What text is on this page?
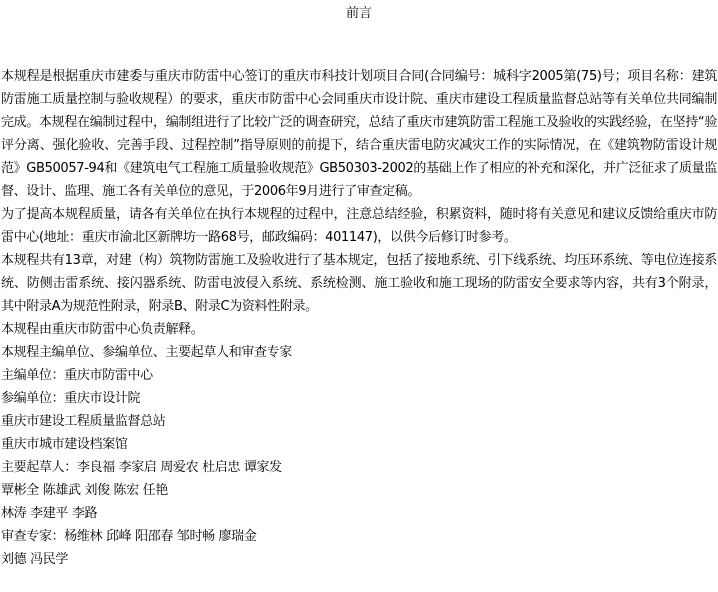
前言

本规程是根据重庆市建委与重庆市防雷中心签订的重庆市科技计划项目合同(合同编号：城科字2005第(75)号；项目名称：建筑防雷施工质量控制与验收规程）的要求，重庆市防雷中心会同重庆市设计院、重庆市建设工程质量监督总站等有关单位共同编制完成。本规程在编制过程中，编制组进行了比较广泛的调查研究，总结了重庆市建筑防雷工程施工及验收的实践经验，在坚持“验评分离、强化验收、完善手段、过程控制”指导原则的前提下，结合重庆雷电防灾减灾工作的实际情况，在《建筑物防雷设计规范》GB50057-94和《建筑电气工程施工质量验收规范》GB50303-2002的基础上作了相应的补充和深化，并广泛征求了质量监督、设计、监理、施工各有关单位的意见，于2006年9月进行了审查定稿。

为了提高本规程质量，请各有关单位在执行本规程的过程中，注意总结经验，积累资料，随时将有关意见和建议反馈给重庆市防雷中心(地址：重庆市渝北区新牌坊一路68号，邮政编码：401147)，以供今后修订时参考。

本规程共有13章，对建（构）筑物防雷施工及验收进行了基本规定，包括了接地系统、引下线系统、均压环系统、等电位连接系统、防侧击雷系统、接闪器系统、防雷电波侵入系统、系统检测、施工验收和施工现场的防雷安全要求等内容，共有3个附录，其中附录A为规范性附录，附录B、附录C为资料性附录。

本规程由重庆市防雷中心负责解释。

本规程主编单位、参编单位、主要起草人和审查专家

主编单位：重庆市防雷中心

参编单位：重庆市设计院

重庆市建设工程质量监督总站

重庆市城市建设档案馆

主要起草人：李良福 李家启 周爱农 杜启忠 谭家发

覃彬全 陈雄武 刘俊 陈宏 任艳

林涛 李建平 李路

审查专家：杨维林 邱峰 阳邵春 邹时畅 廖瑞金

刘德 冯民学
